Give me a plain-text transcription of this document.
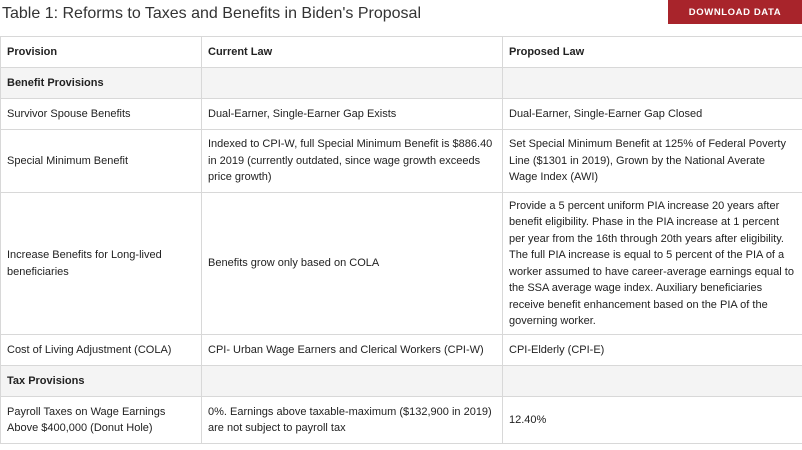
Table 1: Reforms to Taxes and Benefits in Biden's Proposal	DOWNLOAD DATA
Provision	Current Law	Proposed Law
Benefit Provisions		
Survivor Spouse Benefits	Dual-Earner, Single-Earner Gap Exists	Dual-Earner, Single-Earner Gap Closed
Special Minimum Benefit	Indexed to CPI-W, full Special Minimum Benefit is $886.40 in 2019 (currently outdated, since wage growth exceeds price growth)	Set Special Minimum Benefit at 125% of Federal Poverty Line ($1301 in 2019), Grown by the National Averate Wage Index (AWI)
Increase Benefits for Long-lived beneficiaries	Benefits grow only based on COLA	Provide a 5 percent uniform PIA increase 20 years after benefit eligibility. Phase in the PIA increase at 1 percent per year from the 16th through 20th years after eligibility. The full PIA increase is equal to 5 percent of the PIA of a worker assumed to have career-average earnings equal to the SSA average wage index. Auxiliary beneficiaries receive benefit enhancement based on the PIA of the governing worker.
Cost of Living Adjustment (COLA)	CPI- Urban Wage Earners and Clerical Workers (CPI-W)	CPI-Elderly (CPI-E)
Tax Provisions		
Payroll Taxes on Wage Earnings Above $400,000 (Donut Hole)	0%. Earnings above taxable-maximum ($132,900 in 2019) are not subject to payroll tax	12.40%
